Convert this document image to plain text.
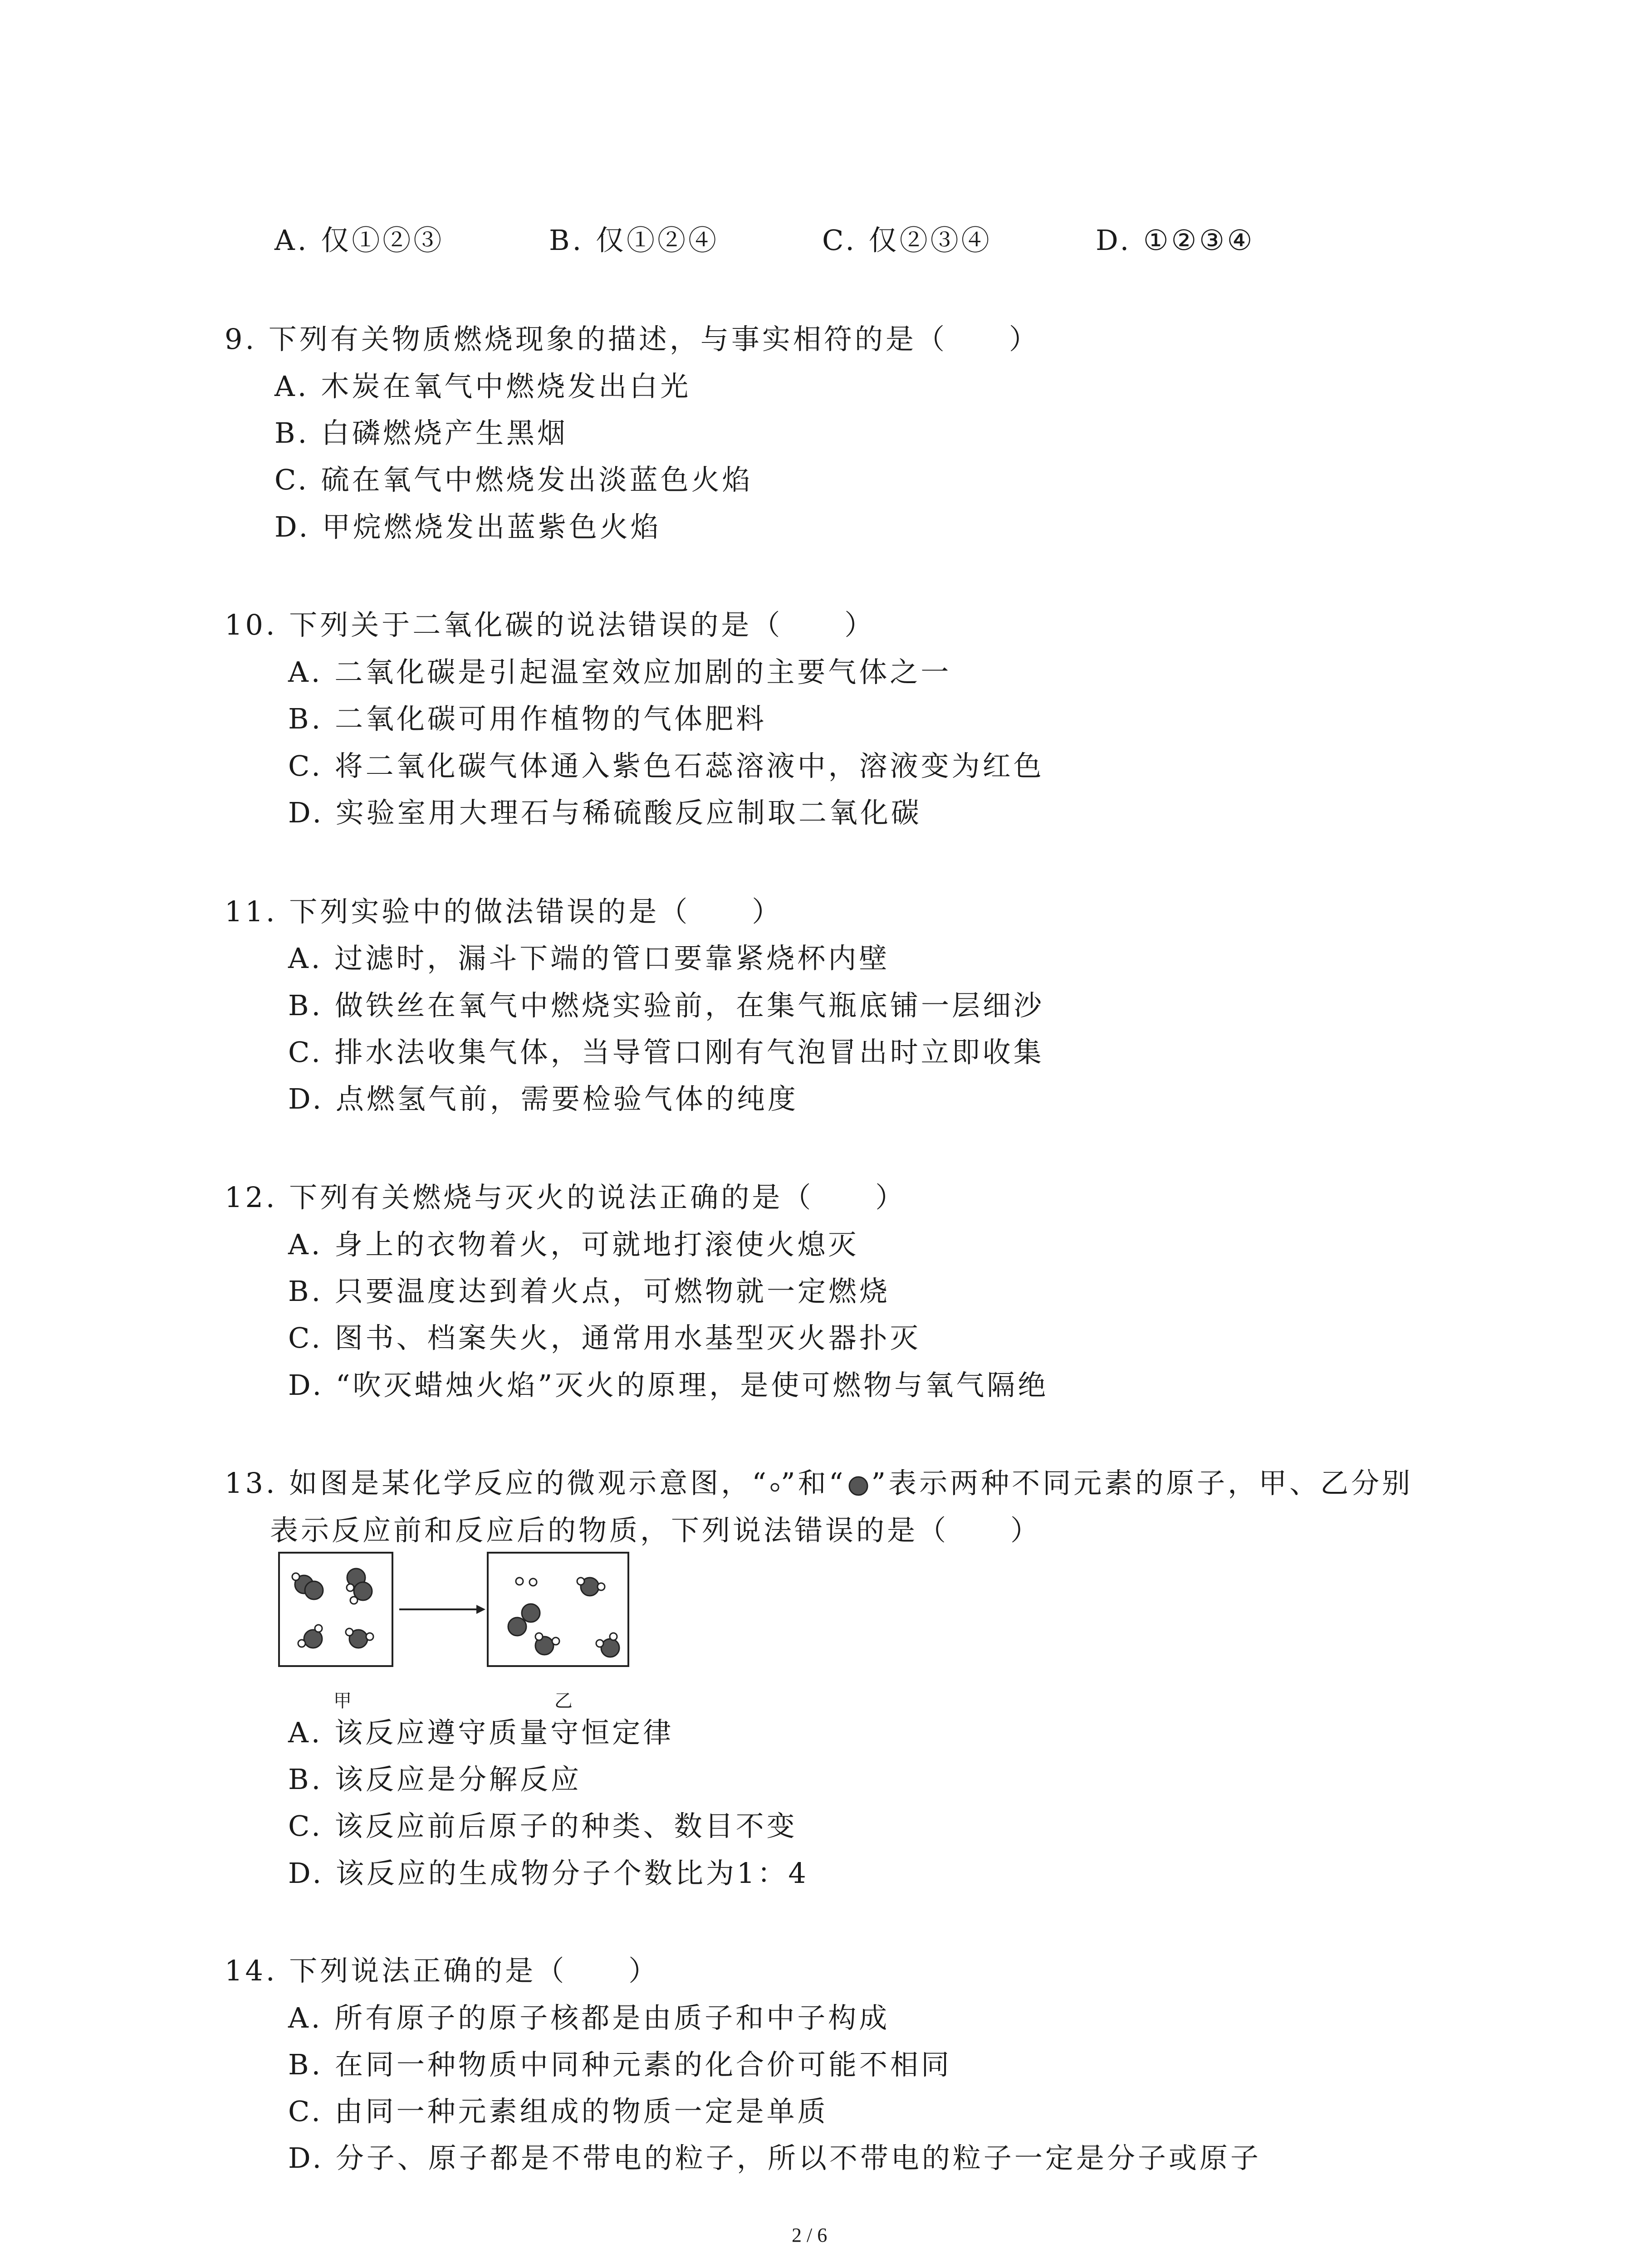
A. 仅①②③	B. 仅①②④	C. 仅②③④	D. ①②③④
9. 下列有关物质燃烧现象的描述，与事实相符的是（　　）
A. 木炭在氧气中燃烧发出白光
B. 白磷燃烧产生黑烟
C. 硫在氧气中燃烧发出淡蓝色火焰
D. 甲烷燃烧发出蓝紫色火焰
10. 下列关于二氧化碳的说法错误的是（　　）
A. 二氧化碳是引起温室效应加剧的主要气体之一
B. 二氧化碳可用作植物的气体肥料
C. 将二氧化碳气体通入紫色石蕊溶液中，溶液变为红色
D. 实验室用大理石与稀硫酸反应制取二氧化碳
11. 下列实验中的做法错误的是（　　）
A. 过滤时，漏斗下端的管口要靠紧烧杯内壁
B. 做铁丝在氧气中燃烧实验前，在集气瓶底铺一层细沙
C. 排水法收集气体，当导管口刚有气泡冒出时立即收集
D. 点燃氢气前，需要检验气体的纯度
12. 下列有关燃烧与灭火的说法正确的是（　　）
A. 身上的衣物着火，可就地打滚使火熄灭
B. 只要温度达到着火点，可燃物就一定燃烧
C. 图书、档案失火，通常用水基型灭火器扑灭
D. “吹灭蜡烛火焰”灭火的原理，是使可燃物与氧气隔绝
13. 如图是某化学反应的微观示意图，“ ”和“ ”表示两种不同元素的原子，甲、乙分别
表示反应前和反应后的物质，下列说法错误的是（　　）
甲	乙
A. 该反应遵守质量守恒定律
B. 该反应是分解反应
C. 该反应前后原子的种类、数目不变
D. 该反应的生成物分子个数比为1：4
14. 下列说法正确的是（　　）
A. 所有原子的原子核都是由质子和中子构成
B. 在同一种物质中同种元素的化合价可能不相同
C. 由同一种元素组成的物质一定是单质
D. 分子、原子都是不带电的粒子，所以不带电的粒子一定是分子或原子
2 / 6
